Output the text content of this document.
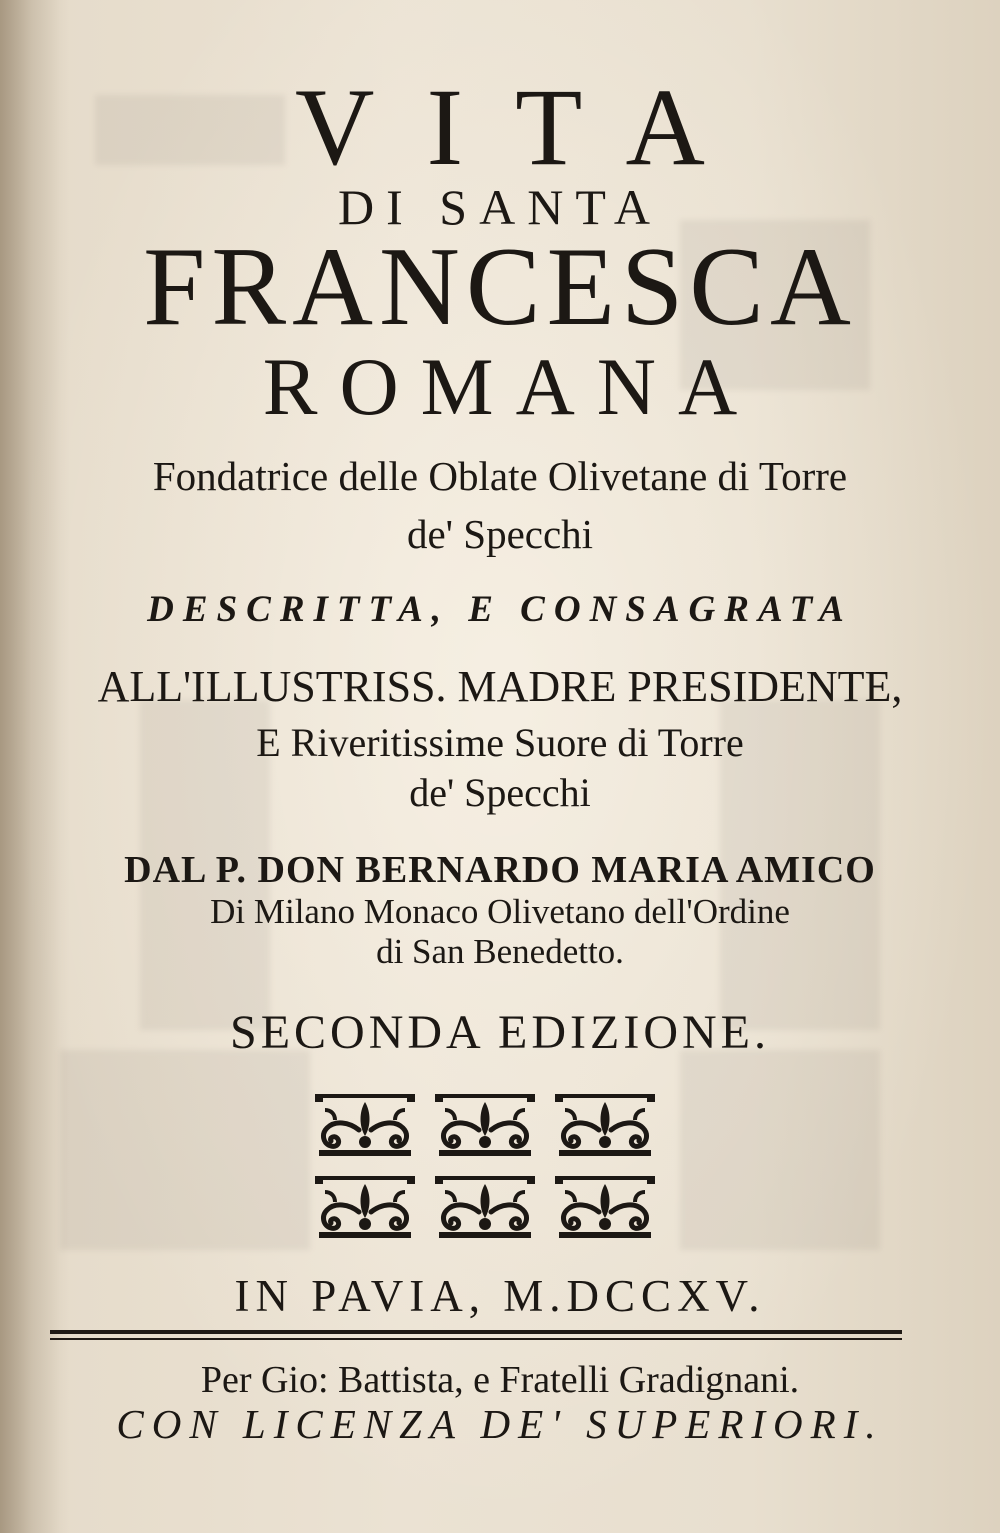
VITA
DI SANTA
FRANCESCA
ROMANA
Fondatrice delle Oblate Olivetane di Torre
de' Specchi
DESCRITTA, E CONSAGRATA
ALL'ILLUSTRISS. MADRE PRESIDENTE,
E Riveritissime Suore di Torre
de' Specchi
DAL P. DON BERNARDO MARIA AMICO
Di Milano Monaco Olivetano dell'Ordine
di San Benedetto.
SECONDA EDIZIONE.
IN PAVIA, M.DCCXV.
Per Gio: Battista, e Fratelli Gradignani.
CON LICENZA DE' SUPERIORI.
